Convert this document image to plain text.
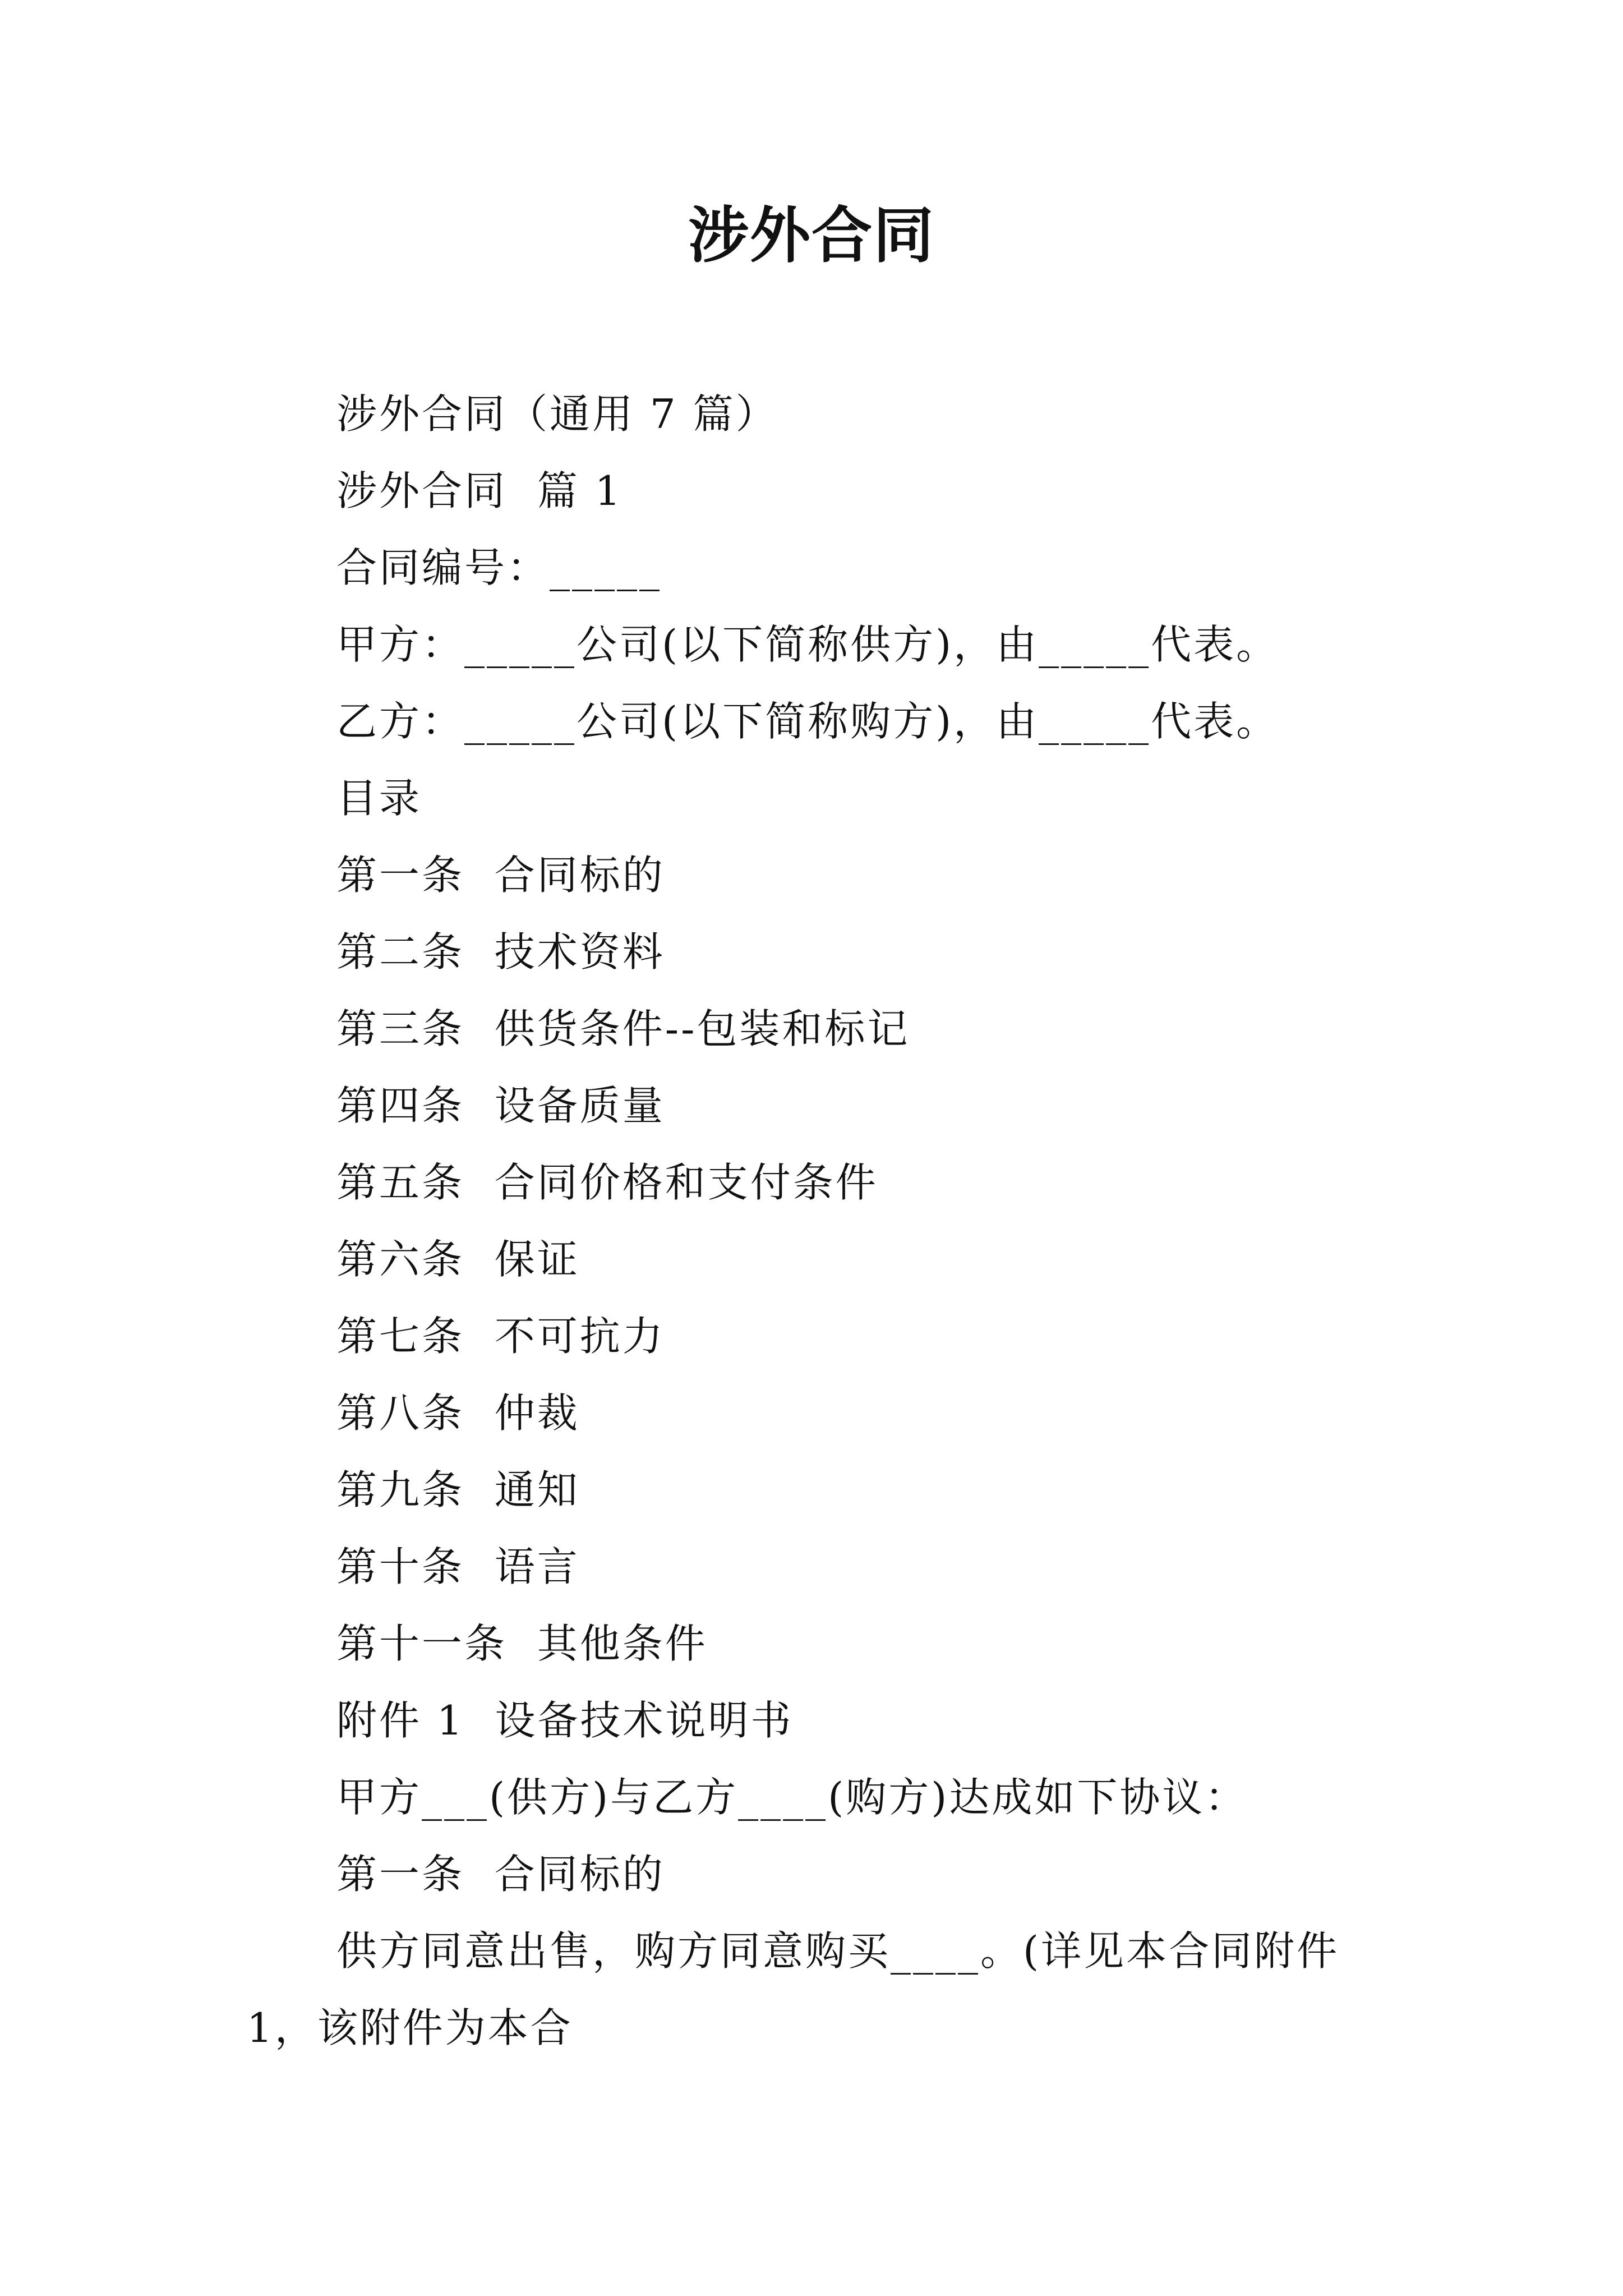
涉外合同
涉外合同（通用 7 篇）
涉外合同  篇 1
合同编号：_____
甲方：_____公司(以下简称供方)，由_____代表。
乙方：_____公司(以下简称购方)，由_____代表。
目录
第一条  合同标的
第二条  技术资料
第三条  供货条件--包装和标记
第四条  设备质量
第五条  合同价格和支付条件
第六条  保证
第七条  不可抗力
第八条  仲裁
第九条  通知
第十条  语言
第十一条  其他条件
附件 1  设备技术说明书
甲方___(供方)与乙方____(购方)达成如下协议：
第一条  合同标的
供方同意出售，购方同意购买____。(详见本合同附件
1，该附件为本合
